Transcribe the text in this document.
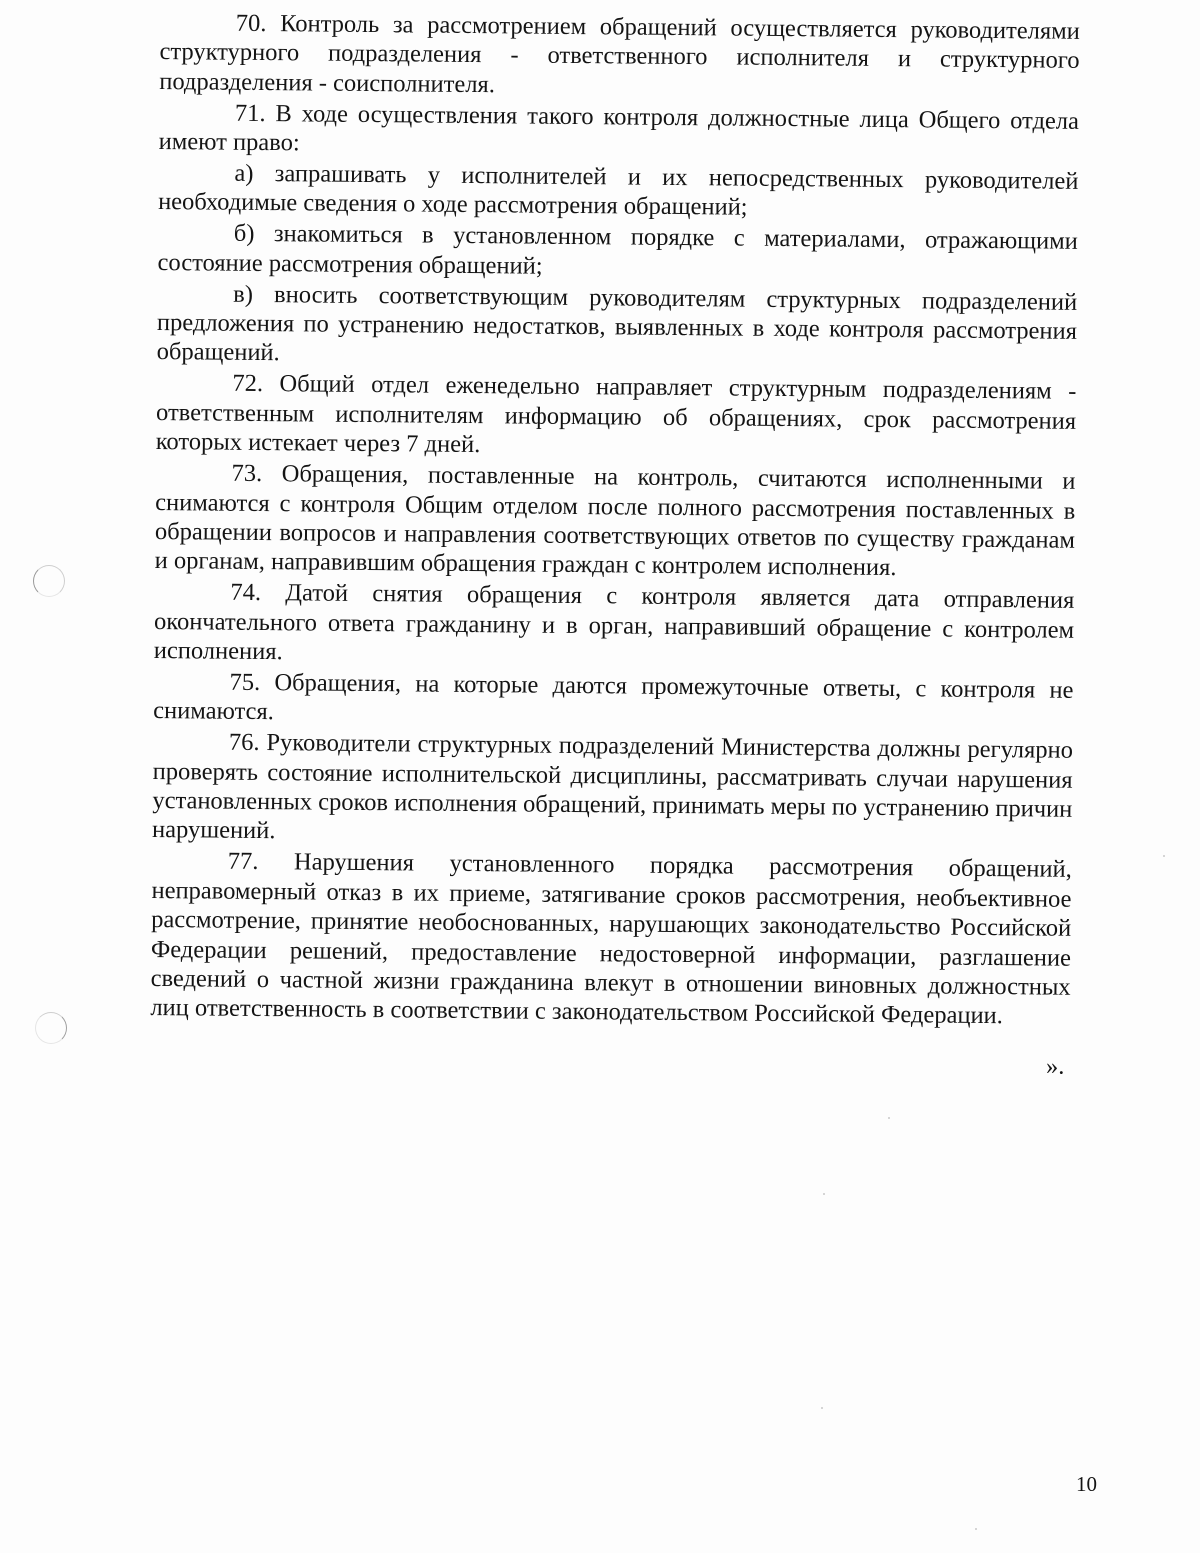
70. Контроль за рассмотрением обращений осуществляется руководителями структурного подразделения - ответственного исполнителя и структурного подразделения - соисполнителя.

71. В ходе осуществления такого контроля должностные лица Общего отдела имеют право:

а) запрашивать у исполнителей и их непосредственных руководителей необходимые сведения о ходе рассмотрения обращений;

б) знакомиться в установленном порядке с материалами, отражающими состояние рассмотрения обращений;

в) вносить соответствующим руководителям структурных подразделений предложения по устранению недостатков, выявленных в ходе контроля рассмотрения обращений.

72. Общий отдел еженедельно направляет структурным подразделениям - ответственным исполнителям информацию об обращениях, срок рассмотрения которых истекает через 7 дней.

73. Обращения, поставленные на контроль, считаются исполненными и снимаются с контроля Общим отделом после полного рассмотрения поставленных в обращении вопросов и направления соответствующих ответов по существу гражданам и органам, направившим обращения граждан с контролем исполнения.

74. Датой снятия обращения с контроля является дата отправления окончательного ответа гражданину и в орган, направивший обращение с контролем исполнения.

75. Обращения, на которые даются промежуточные ответы, с контроля не снимаются.

76. Руководители структурных подразделений Министерства должны регулярно проверять состояние исполнительской дисциплины, рассматривать случаи нарушения установленных сроков исполнения обращений, принимать меры по устранению причин нарушений.

77. Нарушения установленного порядка рассмотрения обращений, неправомерный отказ в их приеме, затягивание сроков рассмотрения, необъективное рассмотрение, принятие необоснованных, нарушающих законодательство Российской Федерации решений, предоставление недостоверной информации, разглашение сведений о частной жизни гражданина влекут в отношении виновных должностных лиц ответственность в соответствии с законодательством Российской Федерации.

».
10
